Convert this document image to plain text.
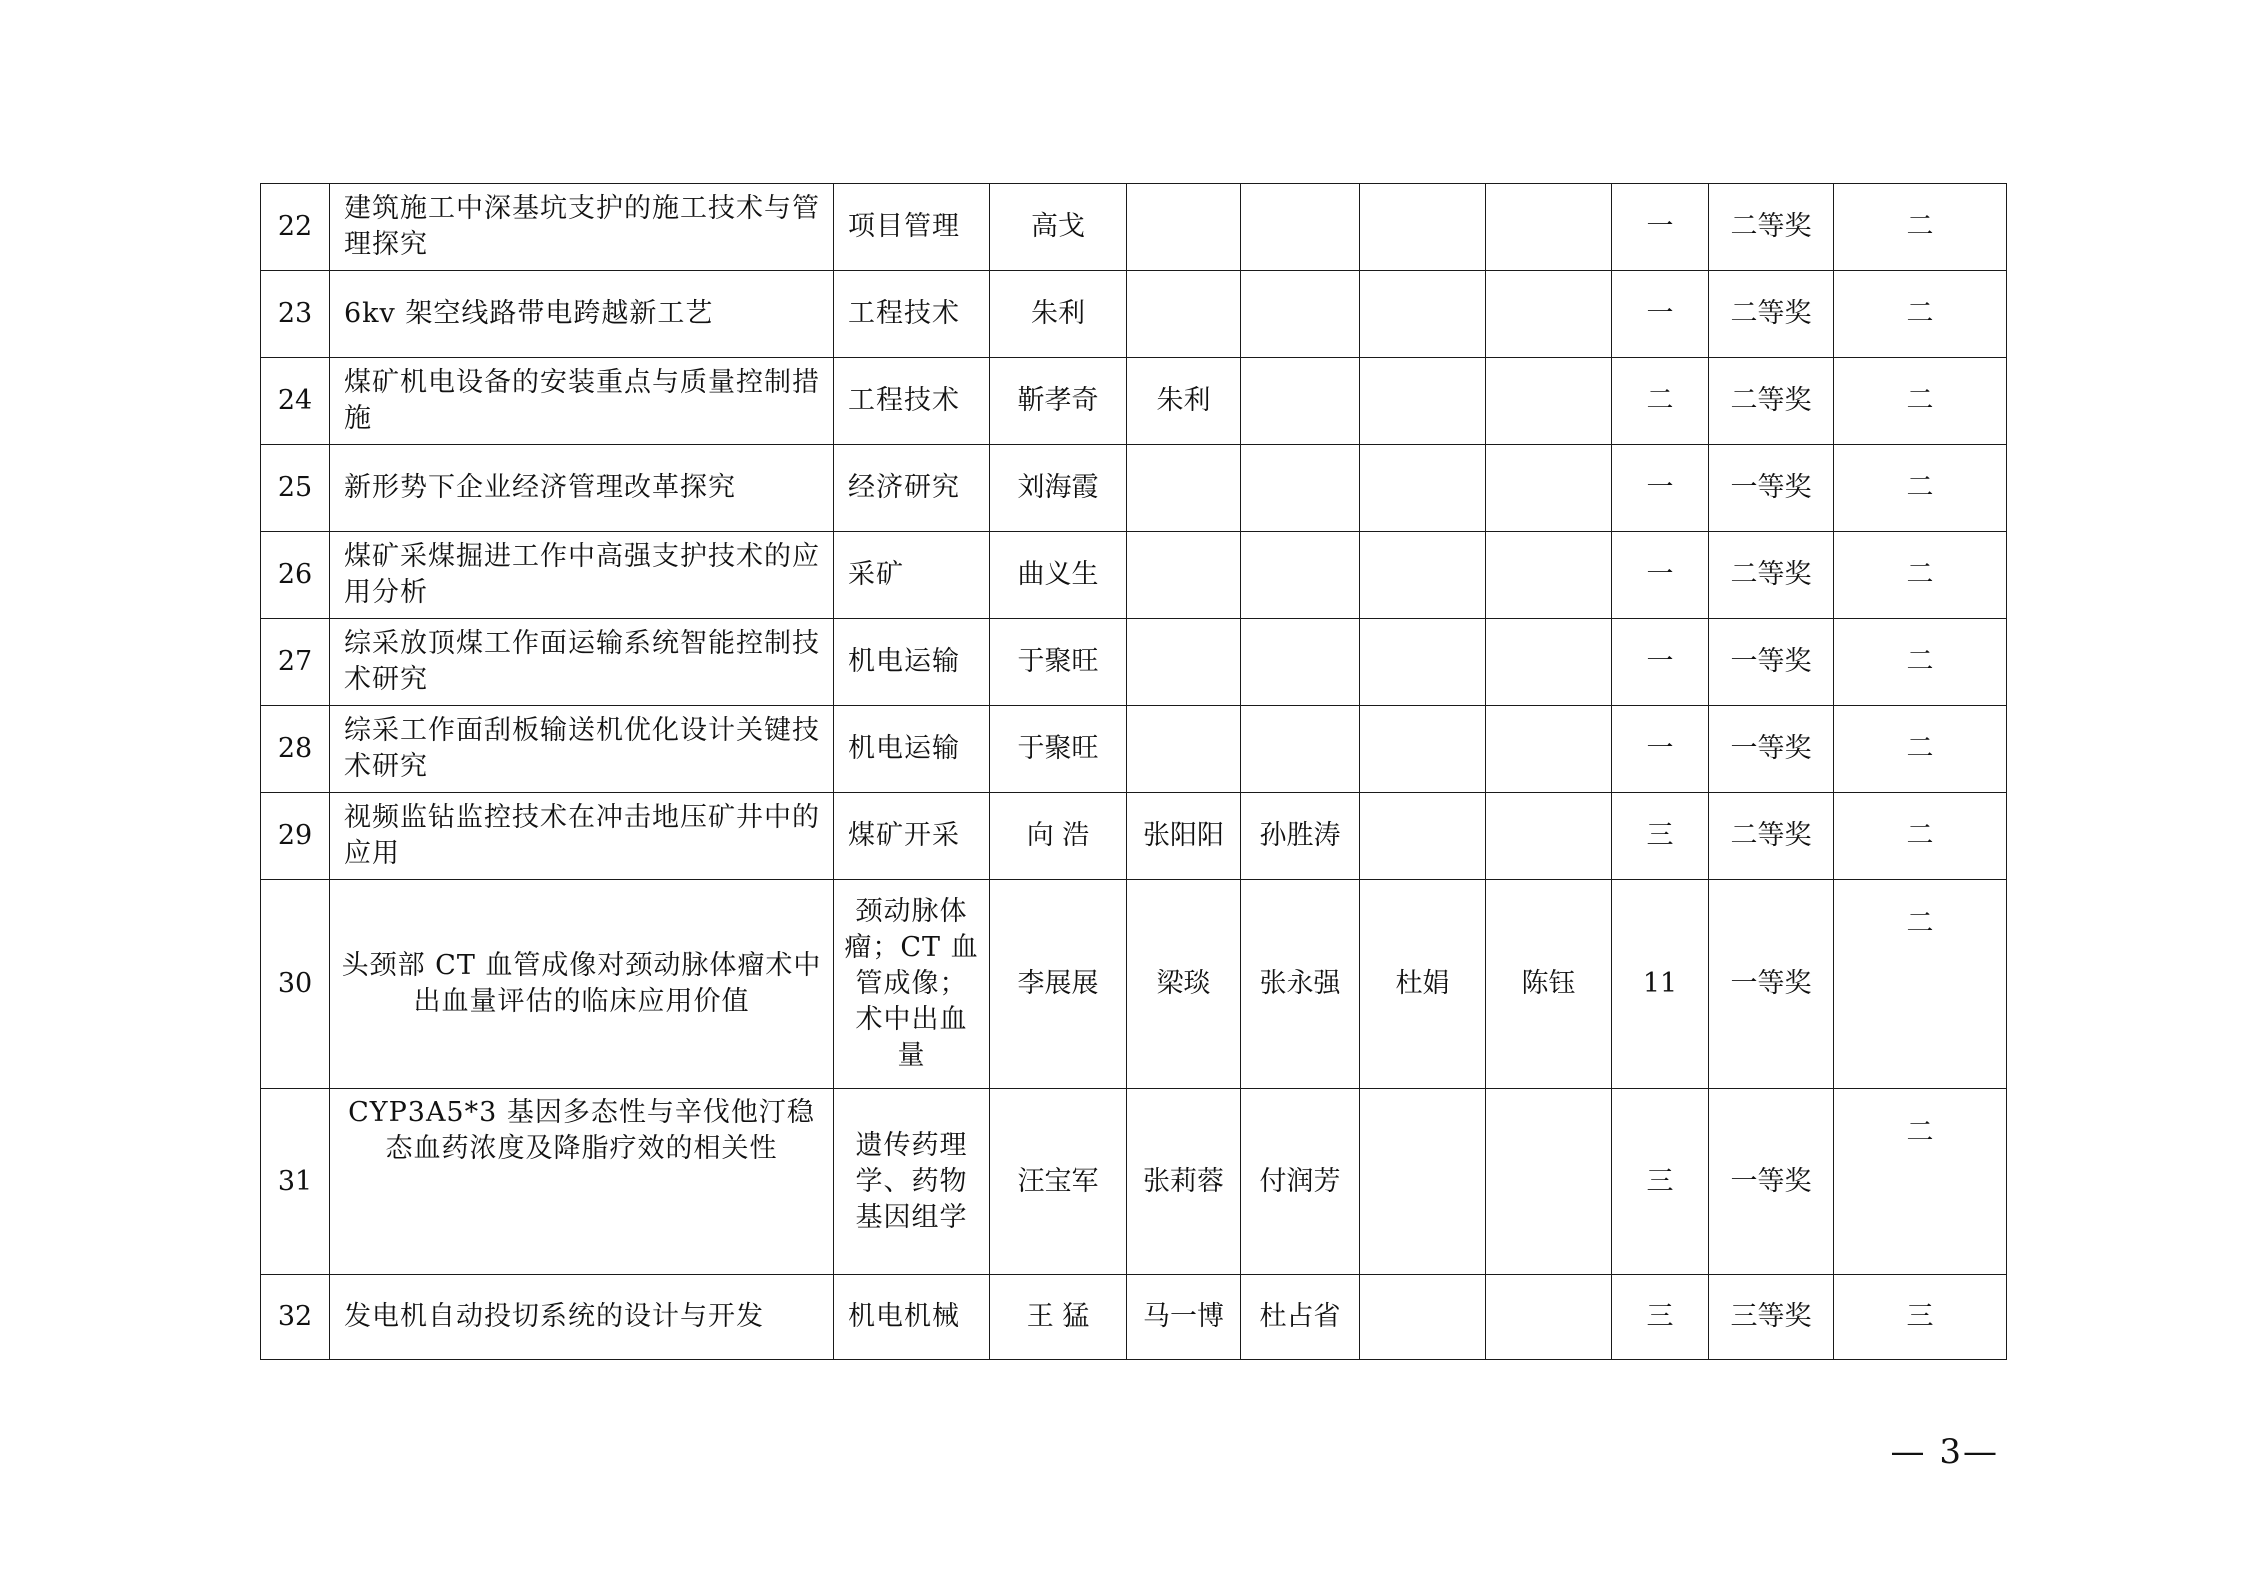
22	建筑施工中深基坑支护的施工技术与管理探究	项目管理	高戈					一	二等奖	二
23	6kv 架空线路带电跨越新工艺	工程技术	朱利					一	二等奖	二
24	煤矿机电设备的安装重点与质量控制措施	工程技术	靳孝奇	朱利				二	二等奖	二
25	新形势下企业经济管理改革探究	经济研究	刘海霞					一	一等奖	二
26	煤矿采煤掘进工作中高强支护技术的应用分析	采矿	曲义生					一	二等奖	二
27	综采放顶煤工作面运输系统智能控制技术研究	机电运输	于聚旺					一	一等奖	二
28	综采工作面刮板输送机优化设计关键技术研究	机电运输	于聚旺					一	一等奖	二
29	视频监钻监控技术在冲击地压矿井中的应用	煤矿开采	向 浩	张阳阳	孙胜涛			三	二等奖	二
30	头颈部 CT 血管成像对颈动脉体瘤术中出血量评估的临床应用价值	颈动脉体瘤；CT 血管成像；术中出血量	李展展	梁琰	张永强	杜娟	陈钰	11	一等奖	二
31	CYP3A5*3 基因多态性与辛伐他汀稳态血药浓度及降脂疗效的相关性	遗传药理学、药物基因组学	汪宝军	张莉蓉	付润芳			三	一等奖	二
32	发电机自动投切系统的设计与开发	机电机械	王 猛	马一博	杜占省			三	三等奖	三
— 3—
